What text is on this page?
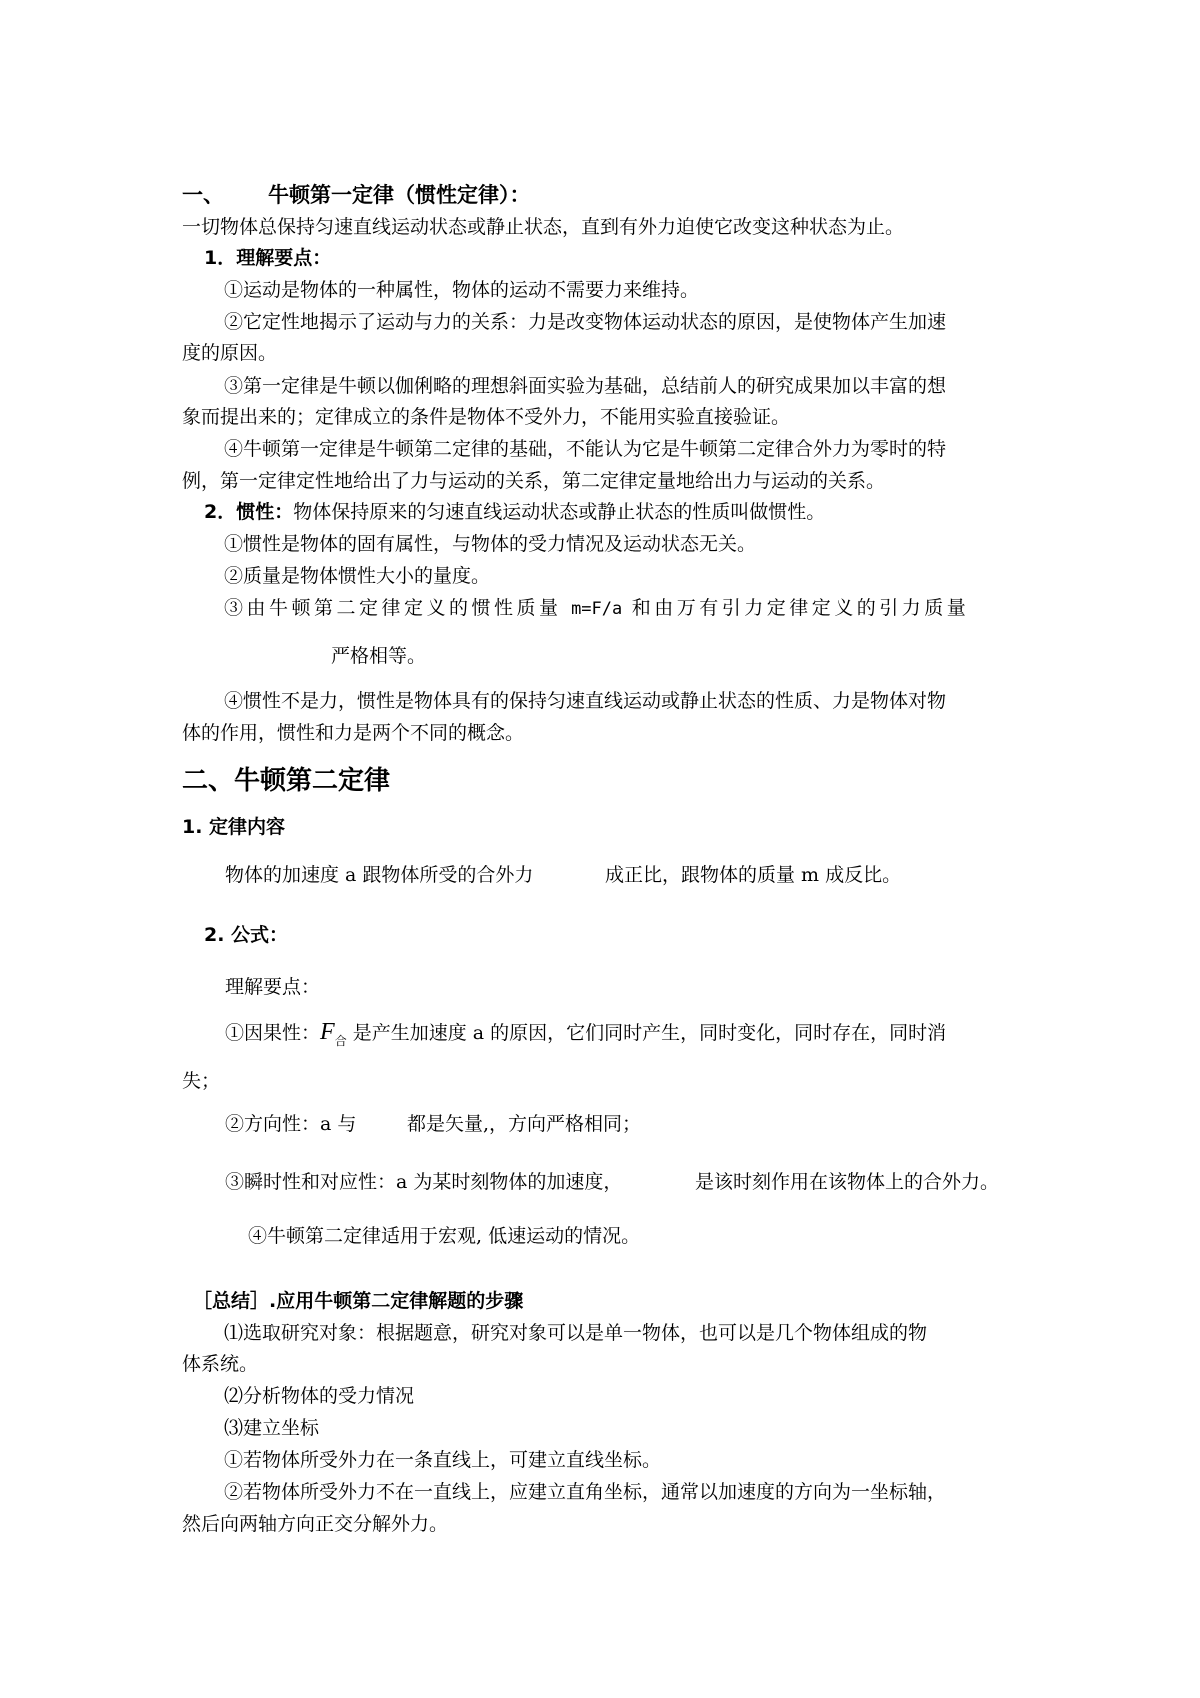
一、 牛顿第一定律（惯性定律）：
一切物体总保持匀速直线运动状态或静止状态，直到有外力迫使它改变这种状态为止。
1．理解要点：
①运动是物体的一种属性，物体的运动不需要力来维持。
②它定性地揭示了运动与力的关系：力是改变物体运动状态的原因，是使物体产生加速
度的原因。
③第一定律是牛顿以伽俐略的理想斜面实验为基础，总结前人的研究成果加以丰富的想
象而提出来的；定律成立的条件是物体不受外力，不能用实验直接验证。
④牛顿第一定律是牛顿第二定律的基础，不能认为它是牛顿第二定律合外力为零时的特
例，第一定律定性地给出了力与运动的关系，第二定律定量地给出力与运动的关系。
2．惯性：物体保持原来的匀速直线运动状态或静止状态的性质叫做惯性。
①惯性是物体的固有属性，与物体的受力情况及运动状态无关。
②质量是物体惯性大小的量度。
③由牛顿第二定律定义的惯性质量 m=F/a 和由万有引力定律定义的引力质量
严格相等。
④惯性不是力，惯性是物体具有的保持匀速直线运动或静止状态的性质、力是物体对物
体的作用，惯性和力是两个不同的概念。
二、牛顿第二定律
1. 定律内容
物体的加速度 a 跟物体所受的合外力	成正比，跟物体的质量 m 成反比。
2. 公式：
理解要点：
①因果性：$F_合$ 是产生加速度 a 的原因，它们同时产生，同时变化，同时存在，同时消
失；
②方向性：a 与	都是矢量,，方向严格相同；
③瞬时性和对应性：a 为某时刻物体的加速度，	是该时刻作用在该物体上的合外力。
④牛顿第二定律适用于宏观, 低速运动的情况。
［总结］.应用牛顿第二定律解题的步骤
⑴选取研究对象：根据题意，研究对象可以是单一物体，也可以是几个物体组成的物
体系统。
⑵分析物体的受力情况
⑶建立坐标
①若物体所受外力在一条直线上，可建立直线坐标。
②若物体所受外力不在一直线上，应建立直角坐标，通常以加速度的方向为一坐标轴，
然后向两轴方向正交分解外力。
